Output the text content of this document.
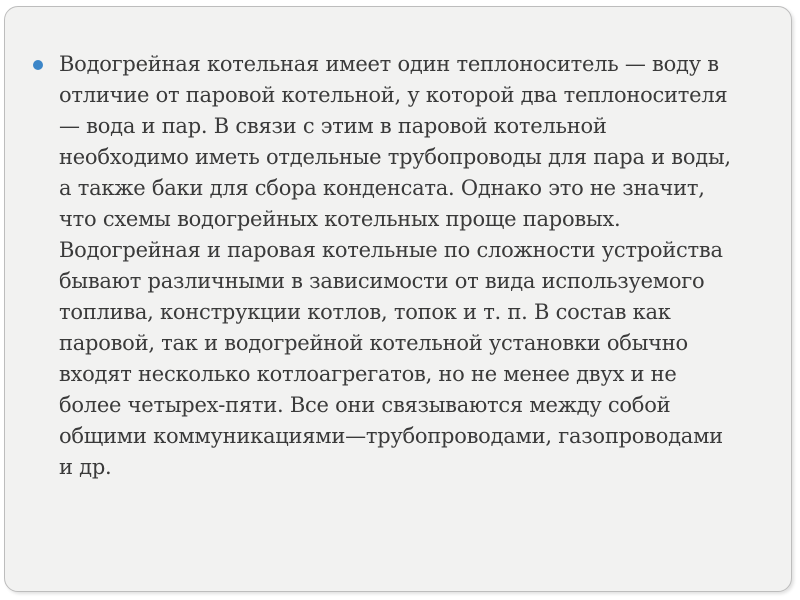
Водогрейная котельная имеет один теплоноситель — воду в
отличие от паровой котельной, у которой два теплоносителя
— вода и пар. В связи с этим в паровой котельной
необходимо иметь отдельные трубопроводы для пара и воды,
а также баки для сбора конденсата. Однако это не значит,
что схемы водогрейных котельных проще паровых.
Водогрейная и паровая котельные по сложности устройства
бывают различными в зависимости от вида используемого
топлива, конструкции котлов, топок и т. п. В состав как
паровой, так и водогрейной котельной установки обычно
входят несколько котлоагрегатов, но не менее двух и не
более четырех-пяти. Все они связываются между собой
общими коммуникациями—трубопроводами, газопроводами
и др.
